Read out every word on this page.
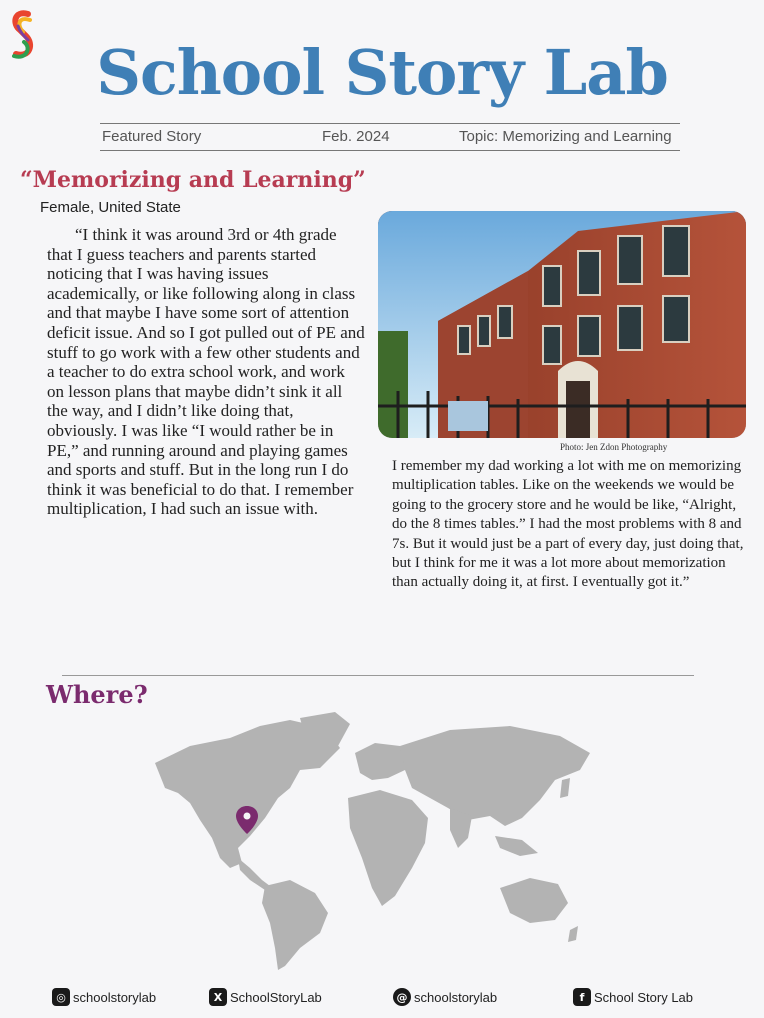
School Story Lab
Featured Story	Feb. 2024	Topic: Memorizing and Learning
“Memorizing and Learning”
Female, United State

“I think it was around 3rd or 4th grade that I guess teachers and parents started noticing that I was having issues academically, or like following along in class and that maybe I have some sort of attention deficit issue. And so I got pulled out of PE and stuff to go work with a few other students and a teacher to do extra school work, and work on lesson plans that maybe didn’t sink it all the way, and I didn’t like doing that, obviously. I was like “I would rather be in PE,” and running around and playing games and sports and stuff. But in the long run I do think it was beneficial to do that. I remember multiplication, I had such an issue with.

Photo: Jen Zdon Photography

I remember my dad working a lot with me on memorizing multiplication tables. Like on the weekends we would be going to the grocery store and he would be like, “Alright, do the 8 times tables.” I had the most problems with 8 and 7s. But it would just be a part of every day, just doing that, but I think for me it was a lot more about memorization than actually doing it, at first. I eventually got it.”

Where?
◎ schoolstorylab	X SchoolStoryLab	@ schoolstorylab	f School Story Lab
